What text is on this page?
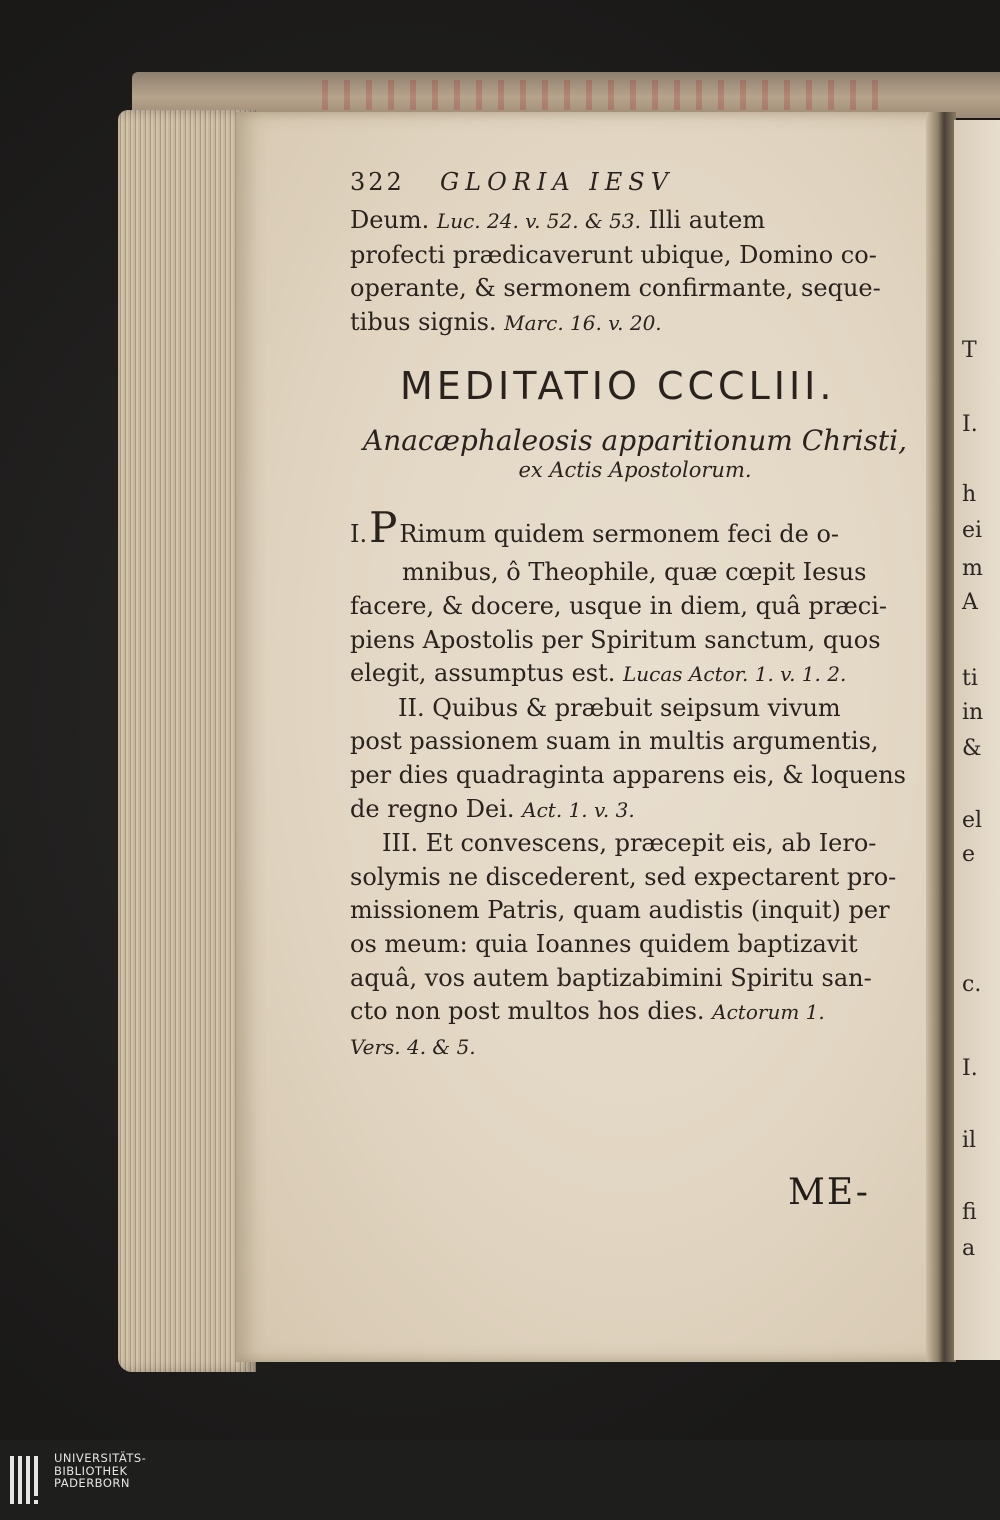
T
I.
h
ei
m
A
ti
in
&
el
e
c.
I.
il
fi
a
322	GLORIA IESV
Deum. Luc. 24. v. 52. & 53. Illi autem
profecti prædicaverunt ubique, Domino co-
operante, & sermonem confirmante, seque-
tibus signis. Marc. 16. v. 20.
MEDITATIO CCCLIII.
Anacæphaleosis apparitionum Christi,
ex Actis Apostolorum.
I.PRimum quidem sermonem feci de o-
mnibus, ô Theophile, quæ cœpit Iesus
facere, & docere, usque in diem, quâ præci-
piens Apostolis per Spiritum sanctum, quos
elegit, assumptus est. Lucas Actor. 1. v. 1. 2.
II. Quibus & præbuit seipsum vivum
post passionem suam in multis argumentis,
per dies quadraginta apparens eis, & loquens
de regno Dei. Act. 1. v. 3.
III. Et convescens, præcepit eis, ab Iero-
solymis ne discederent, sed expectarent pro-
missionem Patris, quam audistis (inquit) per
os meum: quia Ioannes quidem baptizavit
aquâ, vos autem baptizabimini Spiritu san-
cto non post multos hos dies. Actorum 1.
Vers. 4. & 5.
ME-
UNIVERSITÄTS-
BIBLIOTHEK
PADERBORN
